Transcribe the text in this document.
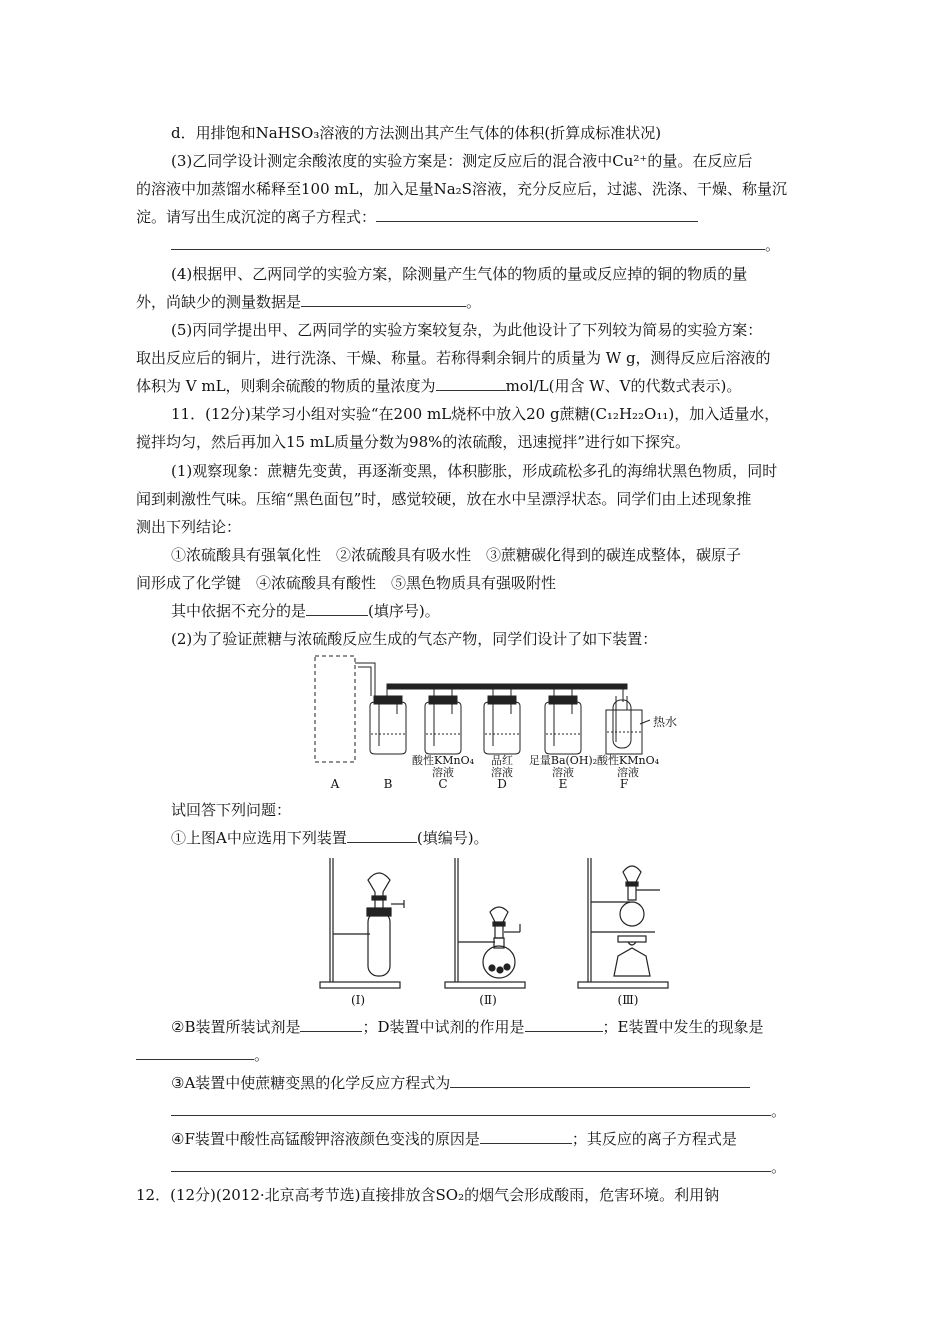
d．用排饱和NaHSO₃溶液的方法测出其产生气体的体积(折算成标准状况)
(3)乙同学设计测定余酸浓度的实验方案是：测定反应后的混合液中Cu²⁺的量。在反应后
的溶液中加蒸馏水稀释至100 mL，加入足量Na₂S溶液，充分反应后，过滤、洗涤、干燥、称量沉
淀。请写出生成沉淀的离子方程式：
。
(4)根据甲、乙两同学的实验方案，除测量产生气体的物质的量或反应掉的铜的物质的量
外，尚缺少的测量数据是	。
(5)丙同学提出甲、乙两同学的实验方案较复杂，为此他设计了下列较为简易的实验方案：
取出反应后的铜片，进行洗涤、干燥、称量。若称得剩余铜片的质量为 W g，测得反应后溶液的
体积为 V mL，则剩余硫酸的物质的量浓度为	mol/L(用含 W、V的代数式表示)。
11．(12分)某学习小组对实验“在200 mL烧杯中放入20 g蔗糖(C₁₂H₂₂O₁₁)，加入适量水，
搅拌均匀，然后再加入15 mL质量分数为98%的浓硫酸，迅速搅拌”进行如下探究。
(1)观察现象：蔗糖先变黄，再逐渐变黑，体积膨胀，形成疏松多孔的海绵状黑色物质，同时
闻到刺激性气味。压缩“黑色面包”时，感觉较硬，放在水中呈漂浮状态。同学们由上述现象推
测出下列结论：
①浓硫酸具有强氧化性　②浓硫酸具有吸水性　③蔗糖碳化得到的碳连成整体，碳原子
间形成了化学键　④浓硫酸具有酸性　⑤黑色物质具有强吸附性
其中依据不充分的是	(填序号)。
(2)为了验证蔗糖与浓硫酸反应生成的气态产物，同学们设计了如下装置：
热水
酸性KMnO₄
溶液
品红
溶液
足量Ba(OH)₂
溶液
酸性KMnO₄
溶液
A	B	C	D	E	F
试回答下列问题：
①上图A中应选用下列装置	(填编号)。
(Ⅰ)	(Ⅱ)	(Ⅲ)
②B装置所装试剂是	；D装置中试剂的作用是	；E装置中发生的现象是
。
③A装置中使蔗糖变黑的化学反应方程式为
。
④F装置中酸性高锰酸钾溶液颜色变浅的原因是	；其反应的离子方程式是
。
12．(12分)(2012·北京高考节选)直接排放含SO₂的烟气会形成酸雨，危害环境。利用钠
